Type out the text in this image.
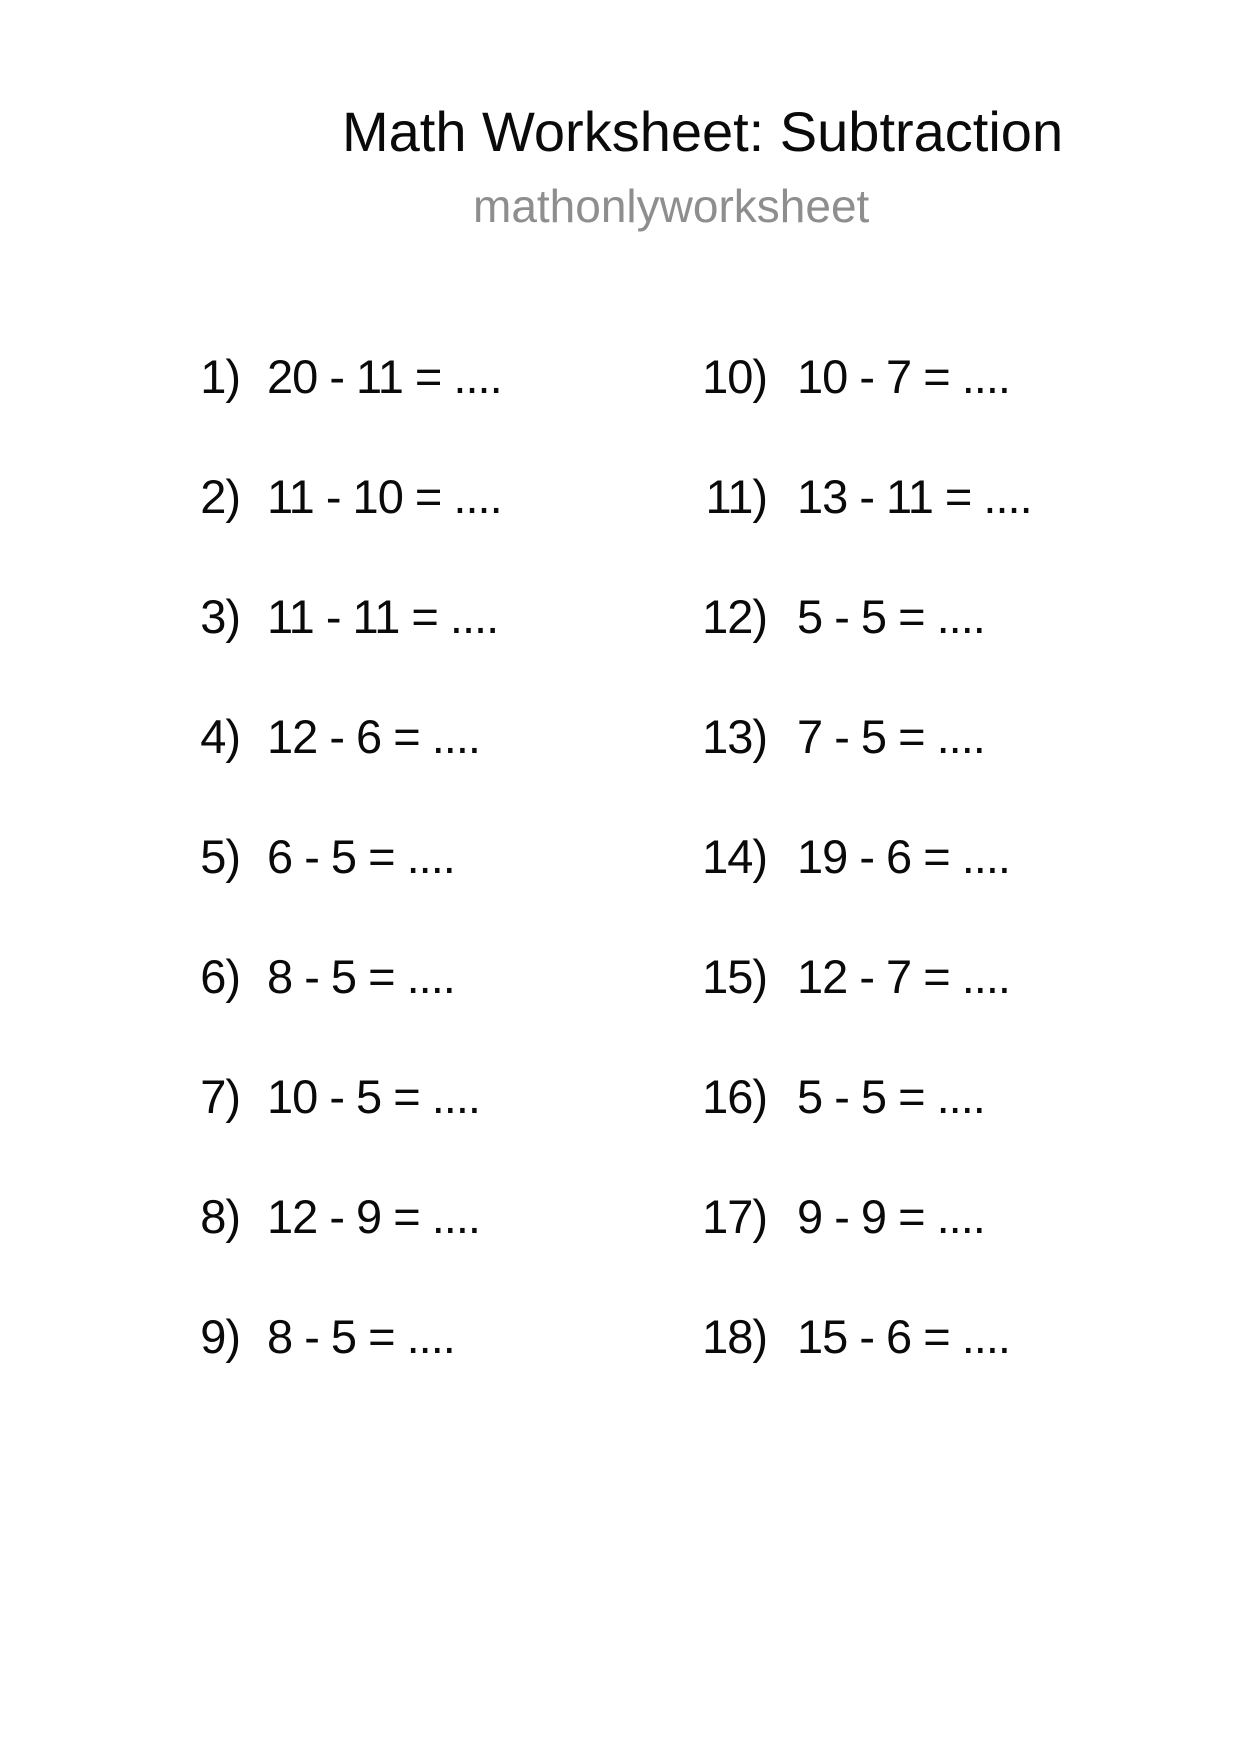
Math Worksheet: Subtraction
mathonlyworksheet
1) 20 - 11 = ....
2) 11 - 10 = ....
3) 11 - 11 = ....
4) 12 - 6 = ....
5) 6 - 5 = ....
6) 8 - 5 = ....
7) 10 - 5 = ....
8) 12 - 9 = ....
9) 8 - 5 = ....
10) 10 - 7 = ....
11) 13 - 11 = ....
12) 5 - 5 = ....
13) 7 - 5 = ....
14) 19 - 6 = ....
15) 12 - 7 = ....
16) 5 - 5 = ....
17) 9 - 9 = ....
18) 15 - 6 = ....
